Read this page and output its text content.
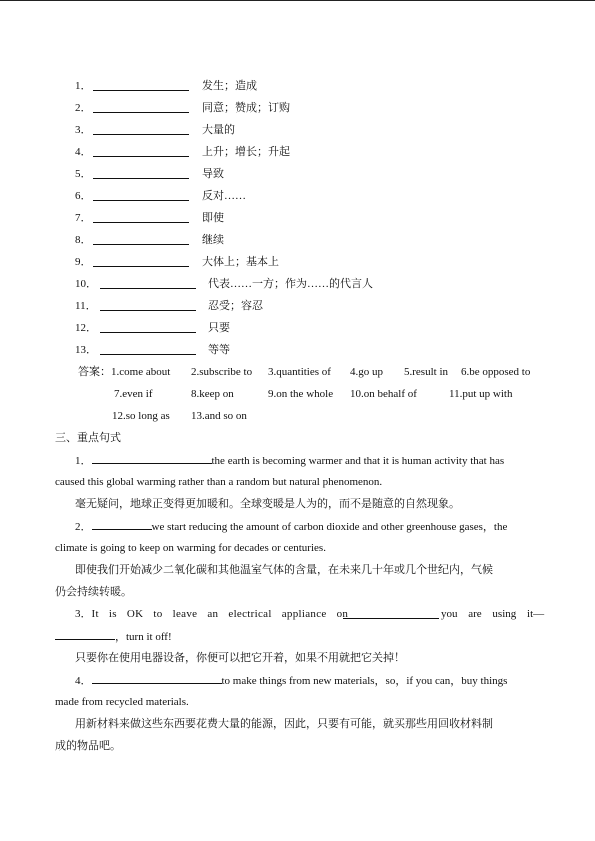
1．	发生；造成
2．	同意；赞成；订购
3．	大量的
4．	上升；增长；升起
5．	导致
6．	反对……
7．	即使
8．	继续
9．	大体上；基本上
10．	代表……一方；作为……的代言人
11．	忍受；容忍
12．	只要
13．	等等
答案：1.come about 2.subscribe to 3.quantities of 4.go up 5.result in 6.be opposed to
7.even if	8.keep on	9.on the whole 10.on behalf of	11.put up with
12.so long as 13.and so on
三、重点句式
1．	the earth is becoming warmer and that it is human activity that has
caused this global warming rather than a random but natural phenomenon.
毫无疑问，地球正变得更加暖和。全球变暖是人为的，而不是随意的自然现象。
2．	we start reducing the amount of carbon dioxide and other greenhouse gases，the
climate is going to keep on warming for decades or centuries.
即使我们开始减少二氧化碳和其他温室气体的含量，在未来几十年或几个世纪内，气候
仍会持续转暖。
3．It is OK to leave an electrical appliance on	you are using it—
，turn it off!
只要你在使用电器设备，你便可以把它开着，如果不用就把它关掉！
4．	to make things from new materials，so，if you can，buy things
made from recycled materials.
用新材料来做这些东西要花费大量的能源，因此，只要有可能，就买那些用回收材料制
成的物品吧。
